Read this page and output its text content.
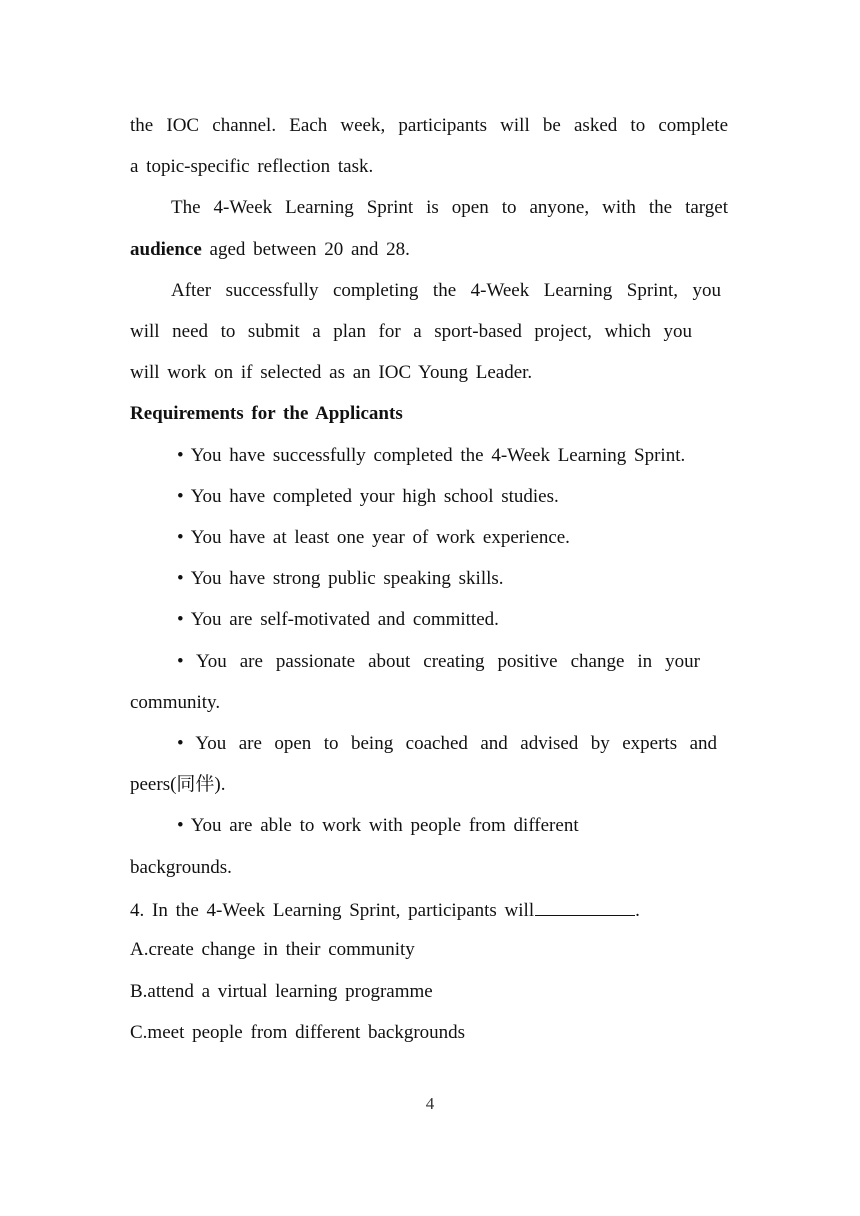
the IOC channel. Each week, participants will be asked to complete

a topic-specific reflection task.

The 4-Week Learning Sprint is open to anyone, with the target

audience aged between 20 and 28.

After successfully completing the 4-Week Learning Sprint, you

will need to submit a plan for a sport-based project, which you

will work on if selected as an IOC Young Leader.

Requirements for the Applicants

• You have successfully completed the 4-Week Learning Sprint.

• You have completed your high school studies.

• You have at least one year of work experience.

• You have strong public speaking skills.

• You are self-motivated and committed.

• You are passionate about creating positive change in your

community.

• You are open to being coached and advised by experts and

peers(同伴).

• You are able to work with people from different

backgrounds.

4. In the 4-Week Learning Sprint, participants will	.

A.create change in their community

B.attend a virtual learning programme

C.meet people from different backgrounds

4
